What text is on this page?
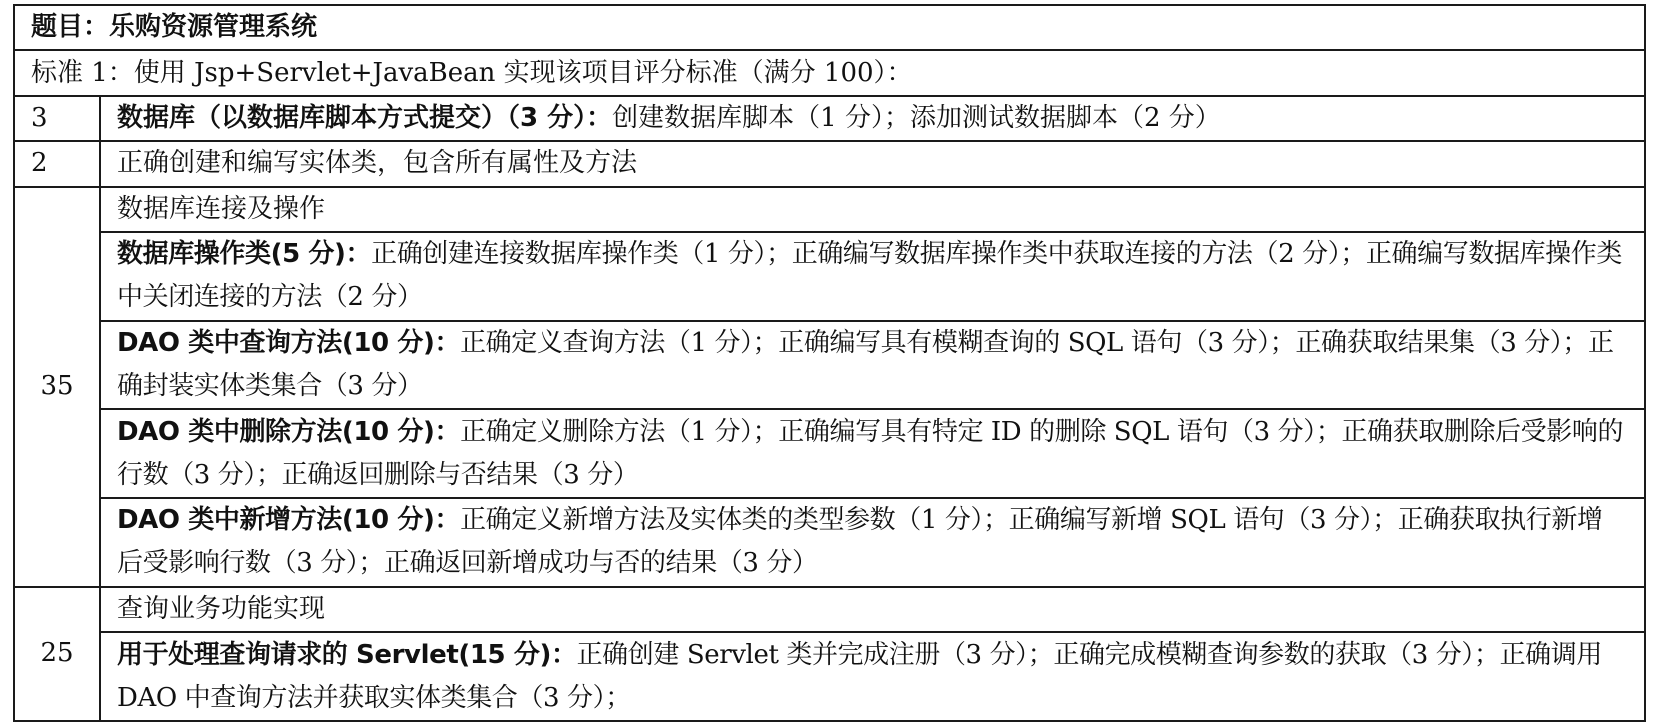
题目：乐购资源管理系统	
标准 1：使用 Jsp+Servlet+JavaBean 实现该项目评分标准（满分 100）：	
3	数据库（以数据库脚本方式提交）（3 分）：创建数据库脚本（1 分）；添加测试数据脚本（2 分）
2	正确创建和编写实体类，包含所有属性及方法
35	数据库连接及操作
	数据库操作类(5 分)：正确创建连接数据库操作类（1 分）；正确编写数据库操作类中获取连接的方法（2 分）；正确编写数据库操作类中关闭连接的方法（2 分）
	DAO 类中查询方法(10 分)：正确定义查询方法（1 分）；正确编写具有模糊查询的 SQL 语句（3 分）；正确获取结果集（3 分）；正确封装实体类集合（3 分）
	DAO 类中删除方法(10 分)：正确定义删除方法（1 分）；正确编写具有特定 ID 的删除 SQL 语句（3 分）；正确获取删除后受影响的行数（3 分）；正确返回删除与否结果（3 分）
	DAO 类中新增方法(10 分)：正确定义新增方法及实体类的类型参数（1 分）；正确编写新增 SQL 语句（3 分）；正确获取执行新增后受影响行数（3 分）；正确返回新增成功与否的结果（3 分）
25	查询业务功能实现
	用于处理查询请求的 Servlet(15 分)：正确创建 Servlet 类并完成注册（3 分）；正确完成模糊查询参数的获取（3 分）；正确调用 DAO 中查询方法并获取实体类集合（3 分）；
